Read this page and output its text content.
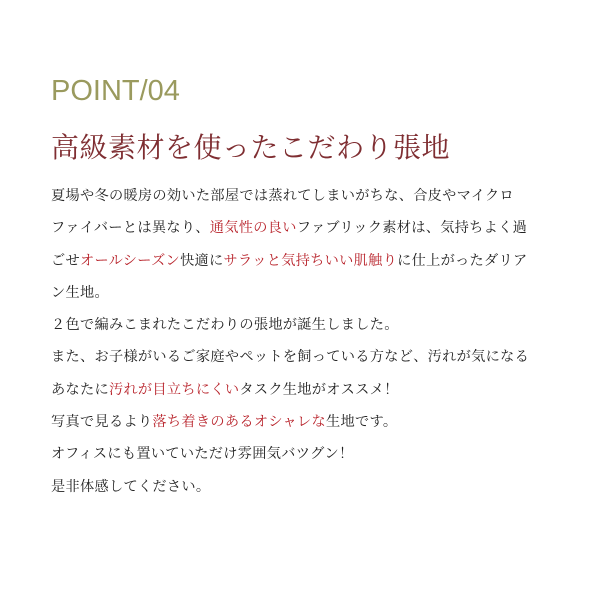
POINT/04
高級素材を使ったこだわり張地

夏場や冬の暖房の効いた部屋では蒸れてしまいがちな、合皮やマイクロ

ファイバーとは異なり、通気性の良いファブリック素材は、気持ちよく過

ごせオールシーズン快適にサラッと気持ちいい肌触りに仕上がったダリア

ン生地。

２色で編みこまれたこだわりの張地が誕生しました。

また、お子様がいるご家庭やペットを飼っている方など、汚れが気になる

あなたに汚れが目立ちにくいタスク生地がオススメ！

写真で見るより落ち着きのあるオシャレな生地です。

オフィスにも置いていただけ雰囲気バツグン！

是非体感してください。
